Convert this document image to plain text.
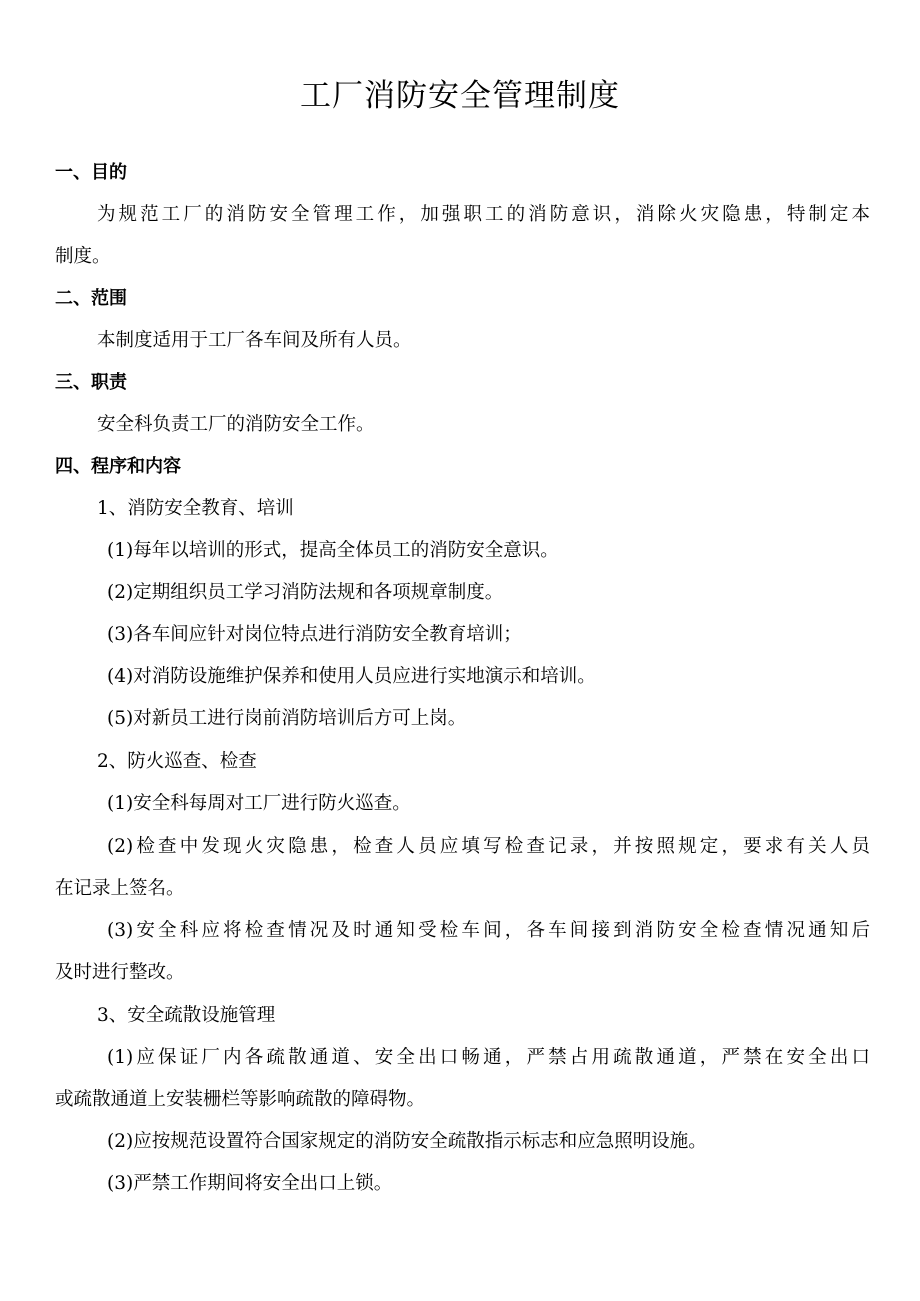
工厂消防安全管理制度
一、目的
为规范工厂的消防安全管理工作，加强职工的消防意识，消除火灾隐患，特制定本
制度。
二、范围
本制度适用于工厂各车间及所有人员。
三、职责
安全科负责工厂的消防安全工作。
四、程序和内容
1、消防安全教育、培训
(1)每年以培训的形式，提高全体员工的消防安全意识。
(2)定期组织员工学习消防法规和各项规章制度。
(3)各车间应针对岗位特点进行消防安全教育培训；
(4)对消防设施维护保养和使用人员应进行实地演示和培训。
(5)对新员工进行岗前消防培训后方可上岗。
2、防火巡查、检查
(1)安全科每周对工厂进行防火巡查。
(2)检查中发现火灾隐患，检查人员应填写检查记录，并按照规定，要求有关人员
在记录上签名。
(3)安全科应将检查情况及时通知受检车间，各车间接到消防安全检查情况通知后
及时进行整改。
3、安全疏散设施管理
(1)应保证厂内各疏散通道、安全出口畅通，严禁占用疏散通道，严禁在安全出口
或疏散通道上安装栅栏等影响疏散的障碍物。
(2)应按规范设置符合国家规定的消防安全疏散指示标志和应急照明设施。
(3)严禁工作期间将安全出口上锁。
